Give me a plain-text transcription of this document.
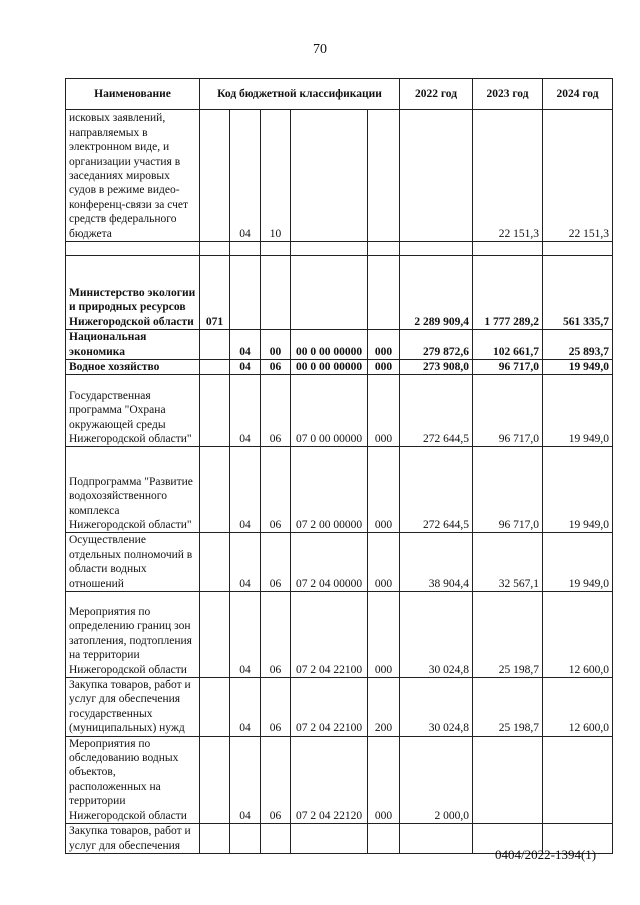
70
Наименование	Код бюджетной классификации					2022 год	2023 год	2024 год
исковых заявлений, направляемых в электронном виде, и организации участия в заседаниях мировых судов в режиме видео-конференц-связи за счет средств федерального бюджета		04	10				22 151,3	22 151,3

Министерство экологии и природных ресурсов Нижегородской области	071					2 289 909,4	1 777 289,2	561 335,7
Национальная экономика		04	00	00 0 00 00000	000	279 872,6	102 661,7	25 893,7
Водное хозяйство		04	06	00 0 00 00000	000	273 908,0	96 717,0	19 949,0
Государственная программа "Охрана окружающей среды Нижегородской области"		04	06	07 0 00 00000	000	272 644,5	96 717,0	19 949,0
Подпрограмма "Развитие водохозяйственного комплекса Нижегородской области"		04	06	07 2 00 00000	000	272 644,5	96 717,0	19 949,0
Осуществление отдельных полномочий в области водных отношений		04	06	07 2 04 00000	000	38 904,4	32 567,1	19 949,0
Мероприятия по определению границ зон затопления, подтопления на территории Нижегородской области		04	06	07 2 04 22100	000	30 024,8	25 198,7	12 600,0
Закупка товаров, работ и услуг для обеспечения государственных (муниципальных) нужд		04	06	07 2 04 22100	200	30 024,8	25 198,7	12 600,0
Мероприятия по обследованию водных объектов, расположенных на территории Нижегородской области		04	06	07 2 04 22120	000	2 000,0		
Закупка товаров, работ и услуг для обеспечения								
0404/2022-1394(1)
